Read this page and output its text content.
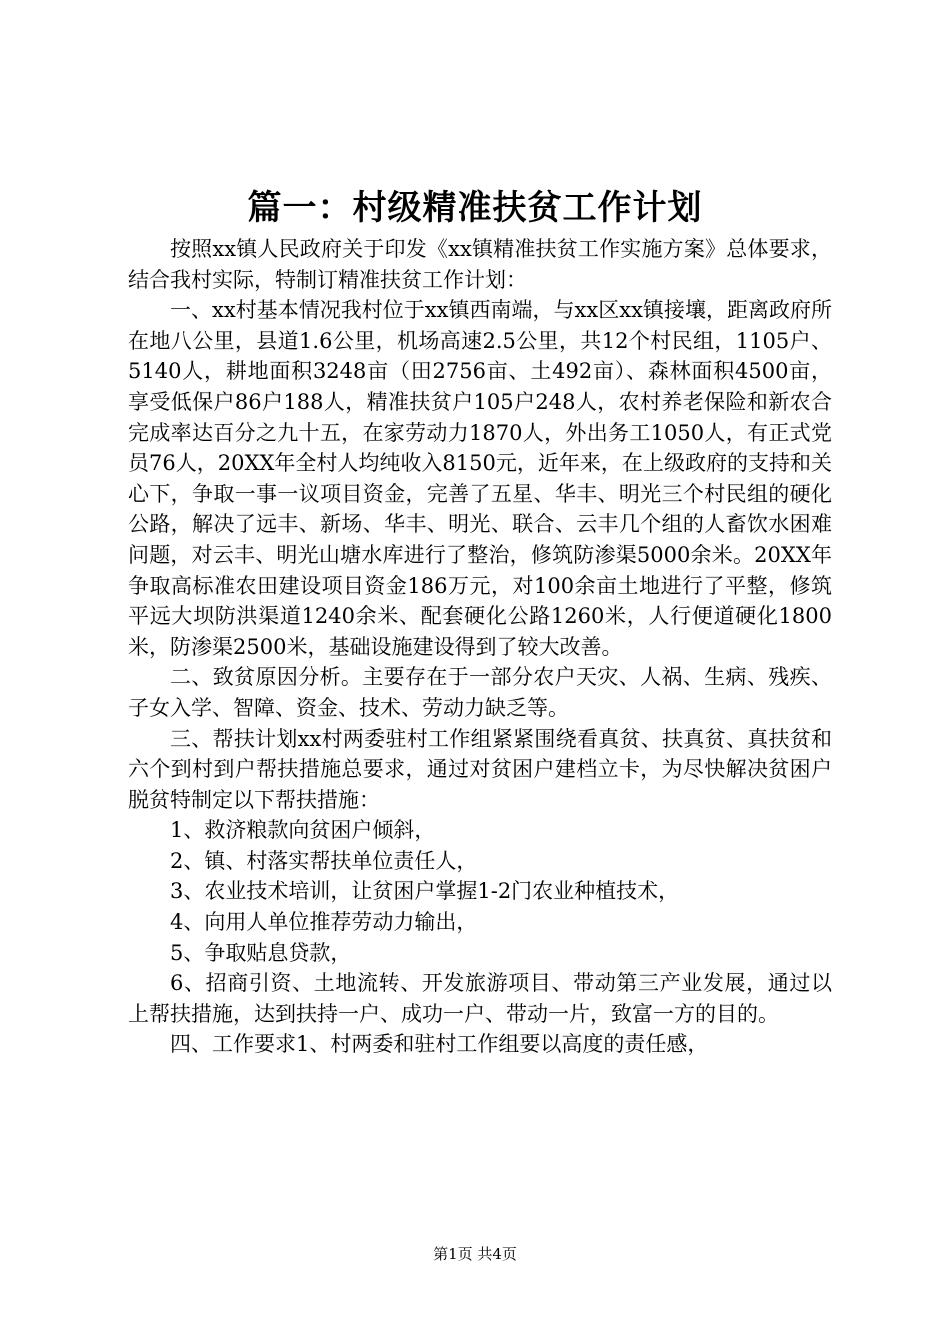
篇一：村级精准扶贫工作计划

按照xx镇人民政府关于印发《xx镇精准扶贫工作实施方案》总体要求，结合我村实际，特制订精准扶贫工作计划：

一、xx村基本情况我村位于xx镇西南端，与xx区xx镇接壤，距离政府所在地八公里，县道1.6公里，机场高速2.5公里，共12个村民组，1105户、5140人，耕地面积3248亩（田2756亩、土492亩）、森林面积4500亩，享受低保户86户188人，精准扶贫户105户248人，农村养老保险和新农合完成率达百分之九十五，在家劳动力1870人，外出务工1050人，有正式党员76人，20XX年全村人均纯收入8150元，近年来，在上级政府的支持和关心下，争取一事一议项目资金，完善了五星、华丰、明光三个村民组的硬化公路，解决了远丰、新场、华丰、明光、联合、云丰几个组的人畜饮水困难问题，对云丰、明光山塘水库进行了整治，修筑防渗渠5000余米。20XX年争取高标准农田建设项目资金186万元，对100余亩土地进行了平整，修筑平远大坝防洪渠道1240余米、配套硬化公路1260米，人行便道硬化1800米，防渗渠2500米，基础设施建设得到了较大改善。

二、致贫原因分析。主要存在于一部分农户天灾、人祸、生病、残疾、子女入学、智障、资金、技术、劳动力缺乏等。

三、帮扶计划xx村两委驻村工作组紧紧围绕看真贫、扶真贫、真扶贫和六个到村到户帮扶措施总要求，通过对贫困户建档立卡，为尽快解决贫困户脱贫特制定以下帮扶措施：

1、救济粮款向贫困户倾斜，

2、镇、村落实帮扶单位责任人，

3、农业技术培训，让贫困户掌握1-2门农业种植技术，

4、向用人单位推荐劳动力输出，

5、争取贴息贷款，

6、招商引资、土地流转、开发旅游项目、带动第三产业发展，通过以上帮扶措施，达到扶持一户、成功一户、带动一片，致富一方的目的。

四、工作要求1、村两委和驻村工作组要以高度的责任感，

第1页 共4页
